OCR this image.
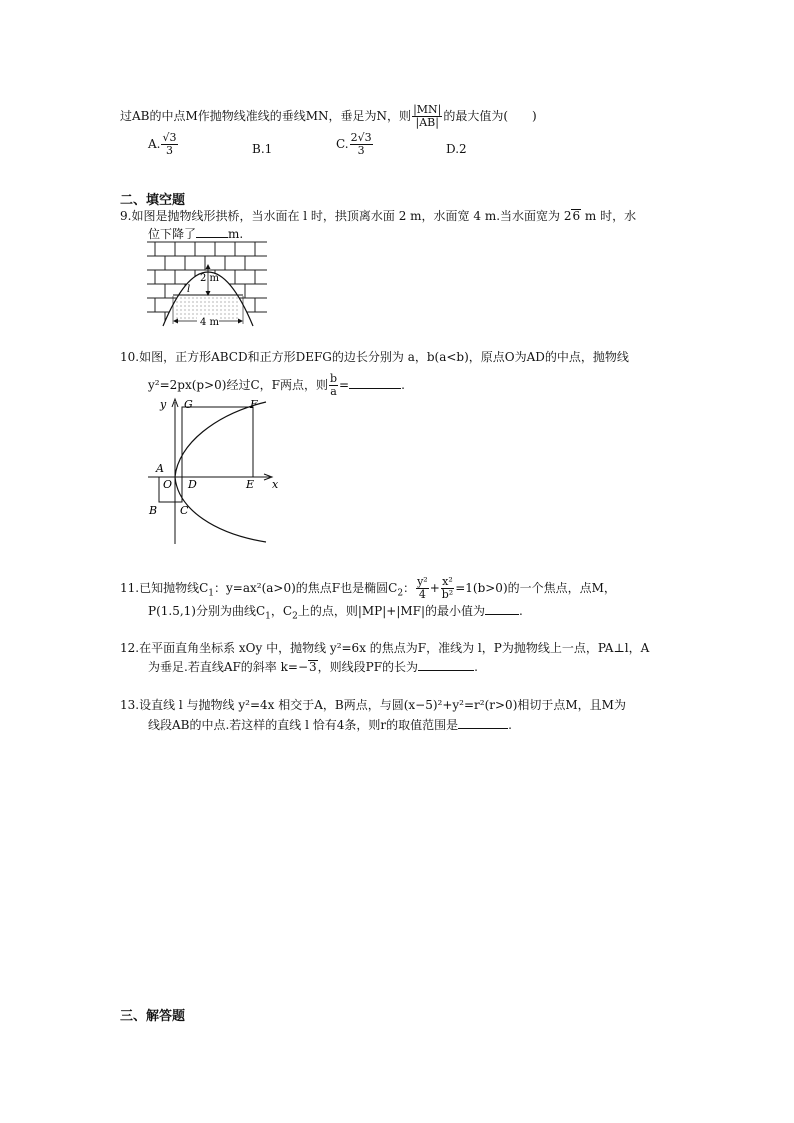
过AB的中点M作抛物线准线的垂线MN，垂足为N，则 $\frac{|MN|}{|AB|}$ 的最大值为(　　)
A. $\frac{√3}{3}$	B.1	C. $\frac{2√3}{3}$	D.2
二、填空题
9.如图是抛物线形拱桥，当水面在 l 时，拱顶离水面 2 m，水面宽 4 m.当水面宽为 26 m 时，水
位下降了	m.
2 m
l
4 m
10.如图，正方形ABCD和正方形DEFG的边长分别为 a，b(a<b)，原点O为AD的中点，抛物线
y²=2px(p>0)经过C，F两点，则 $\frac{b}{a}$ =	.
y
x
G	F
A
O D	E
B C
11.已知抛物线$C_1$：y=ax²(a>0)的焦点F也是椭圆$C_2$： $\frac{\text{y²}}{4} + \frac{\text{x²}}{\text{b²}} =1(b>0)$的一个焦点，点M，
P(1.5,1)分别为曲线$C_1$，$C_2$上的点，则|MP|+|MF|的最小值为	.
12.在平面直角坐标系 xOy 中，抛物线 y²=6x 的焦点为F，准线为 l，P为抛物线上一点，PA⊥l，A
为垂足.若直线AF的斜率 k=−3，则线段PF的长为	.
13.设直线 l 与抛物线 y²=4x 相交于A，B两点，与圆(x−5)²+y²=r²(r>0)相切于点M，且M为
线段AB的中点.若这样的直线 l 恰有4条，则r的取值范围是	.
三、解答题
